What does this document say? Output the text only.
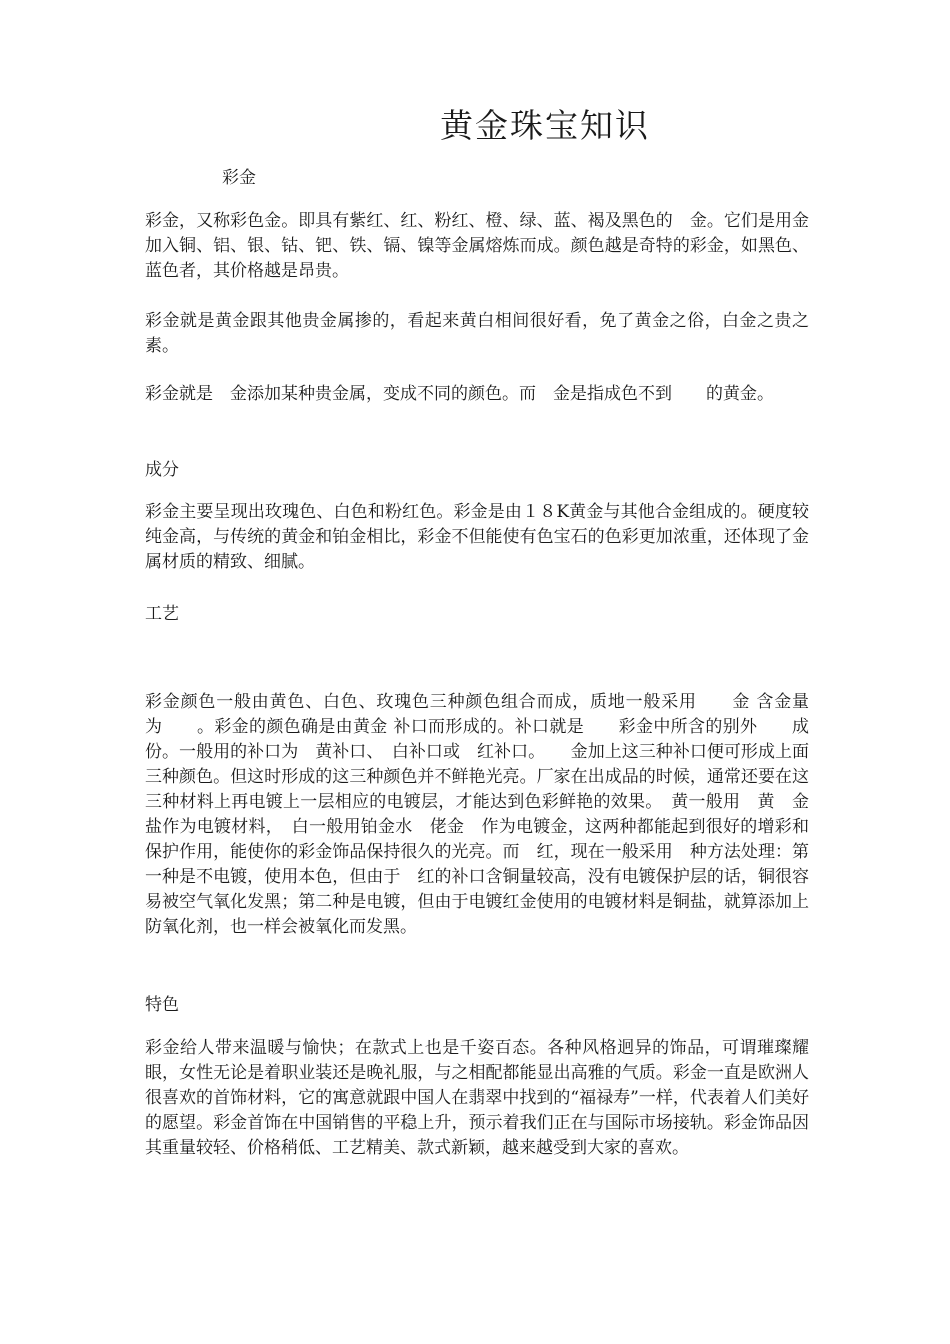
黄金珠宝知识
彩金
彩金，又称彩色金。即具有紫红、红、粉红、橙、绿、蓝、褐及黑色的　金。它们是用金加入铜、铝、银、钴、钯、铁、镉、镍等金属熔炼而成。颜色越是奇特的彩金，如黑色、蓝色者，其价格越是昂贵。
彩金就是黄金跟其他贵金属掺的，看起来黄白相间很好看，免了黄金之俗，白金之贵之素。
彩金就是　金添加某种贵金属，变成不同的颜色。而　金是指成色不到　　的黄金。
成分
彩金主要呈现出玫瑰色、白色和粉红色。彩金是由１８K黄金与其他合金组成的。硬度较纯金高，与传统的黄金和铂金相比，彩金不但能使有色宝石的色彩更加浓重，还体现了金属材质的精致、细腻。
工艺
彩金颜色一般由黄色、白色、玫瑰色三种颜色组合而成，质地一般采用　　金 含金量为　　。彩金的颜色确是由黄金 补口而形成的。补口就是　　彩金中所含的别外　　成份。一般用的补口为　黄补口、　白补口或　红补口。　　金加上这三种补口便可形成上面三种颜色。但这时形成的这三种颜色并不鲜艳光亮。厂家在出成品的时候，通常还要在这三种材料上再电镀上一层相应的电镀层，才能达到色彩鲜艳的效果。　黄一般用　黄　金盐作为电镀材料，　白一般用铂金水　佬金　作为电镀金，这两种都能起到很好的增彩和保护作用，能使你的彩金饰品保持很久的光亮。而　红，现在一般采用　种方法处理：第一种是不电镀，使用本色，但由于　红的补口含铜量较高，没有电镀保护层的话，铜很容易被空气氧化发黑；第二种是电镀，但由于电镀红金使用的电镀材料是铜盐，就算添加上防氧化剂，也一样会被氧化而发黑。
特色
彩金给人带来温暖与愉快；在款式上也是千姿百态。各种风格迥异的饰品，可谓璀璨耀眼，女性无论是着职业装还是晚礼服，与之相配都能显出高雅的气质。彩金一直是欧洲人很喜欢的首饰材料，它的寓意就跟中国人在翡翠中找到的“福禄寿”一样，代表着人们美好的愿望。彩金首饰在中国销售的平稳上升，预示着我们正在与国际市场接轨。彩金饰品因其重量较轻、价格稍低、工艺精美、款式新颖，越来越受到大家的喜欢。
